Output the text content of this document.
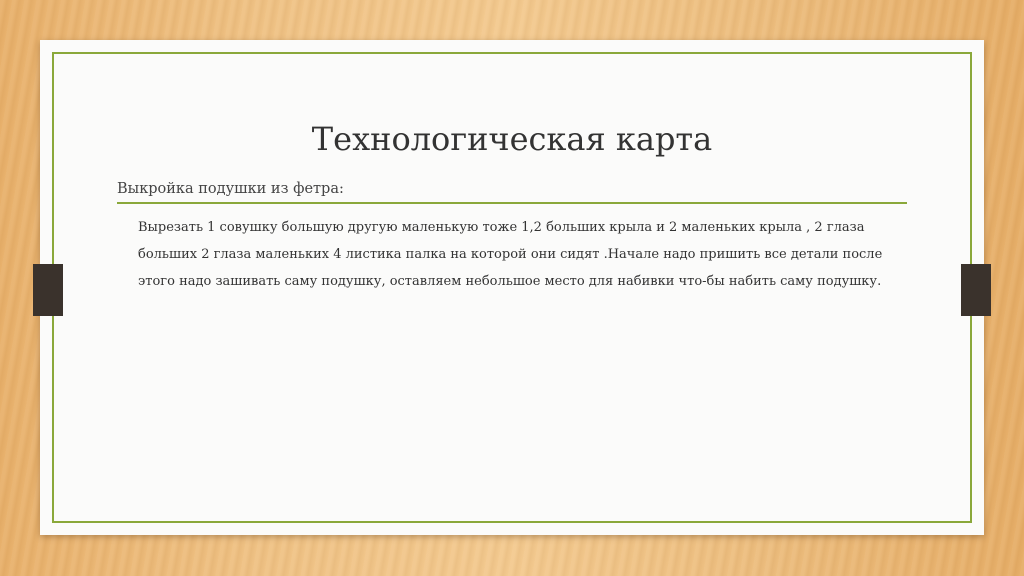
Технологическая карта
Выкройка подушки из фетра:
Вырезать 1 совушку большую другую маленькую тоже 1,2 больших крыла и 2 маленьких крыла , 2 глаза больших 2 глаза маленьких 4 листика палка на которой они сидят .Начале надо пришить все детали после этого надо зашивать саму подушку, оставляем небольшое место для набивки что-бы набить саму подушку.
